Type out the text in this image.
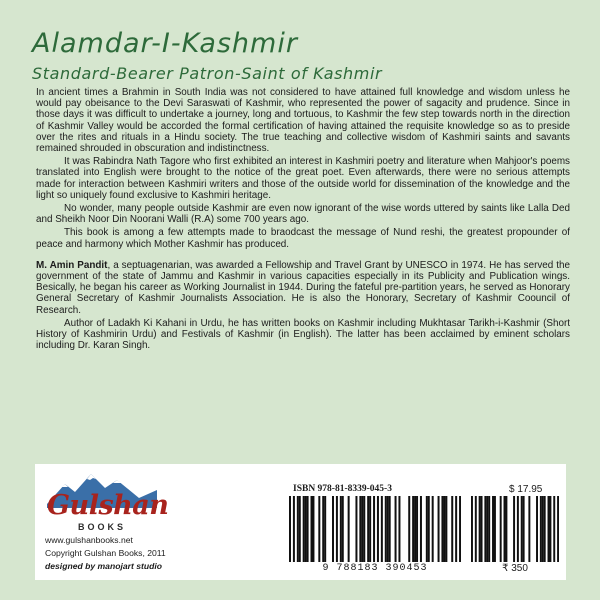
Alamdar-I-Kashmir
Standard-Bearer Patron-Saint of Kashmir

In ancient times a Brahmin in South India was not considered to have attained full knowledge and wisdom unless he would pay obeisance to the Devi Saraswati of Kashmir, who represented the power of sagacity and prudence. Since in those days it was difficult to undertake a journey, long and tortuous, to Kashmir the few step towards north in the direction of Kashmir Valley would be accorded the formal certification of having attained the requisite knowledge so as to preside over the rites and rituals in a Hindu society. The true teaching and collective wisdom of Kashmiri saints and savants remained shrouded in obscuration and indistinctness.

It was Rabindra Nath Tagore who first exhibited an interest in Kashmiri poetry and literature when Mahjoor's poems translated into English were brought to the notice of the great poet. Even afterwards, there were no serious attempts made for interaction between Kashmiri writers and those of the outside world for dissemination of the knowledge and the light so uniquely found exclusive to Kashmiri heritage.

No wonder, many people outside Kashmir are even now ignorant of the wise words uttered by saints like Lalla Ded and Sheikh Noor Din Noorani Walli (R.A) some 700 years ago.

This book is among a few attempts made to braodcast the message of Nund reshi, the greatest propounder of peace and harmony which Mother Kashmir has produced.

M. Amin Pandit, a septuagenarian, was awarded a Fellowship and Travel Grant by UNESCO in 1974. He has served the government of the state of Jammu and Kashmir in various capacities especially in its Publicity and Publication wings. Besically, he began his career as Working Journalist in 1944. During the fateful pre-partition years, he served as Honorary General Secretary of Kashmir Journalists Association. He is also the Honorary, Secretary of Kashmir Coouncil of Research.

Author of Ladakh Ki Kahani in Urdu, he has written books on Kashmir including Mukhtasar Tarikh-i-Kashmir (Short History of Kashmirin Urdu) and Festivals of Kashmir (in English). The latter has been acclaimed by eminent scholars including Dr. Karan Singh.

Gulshan
BOOKS
www.gulshanbooks.net
Copyright Gulshan Books, 2011
designed by manojart studio
ISBN 978-81-8339-045-3
9 788183 390453
$ 17.95
₹ 350
